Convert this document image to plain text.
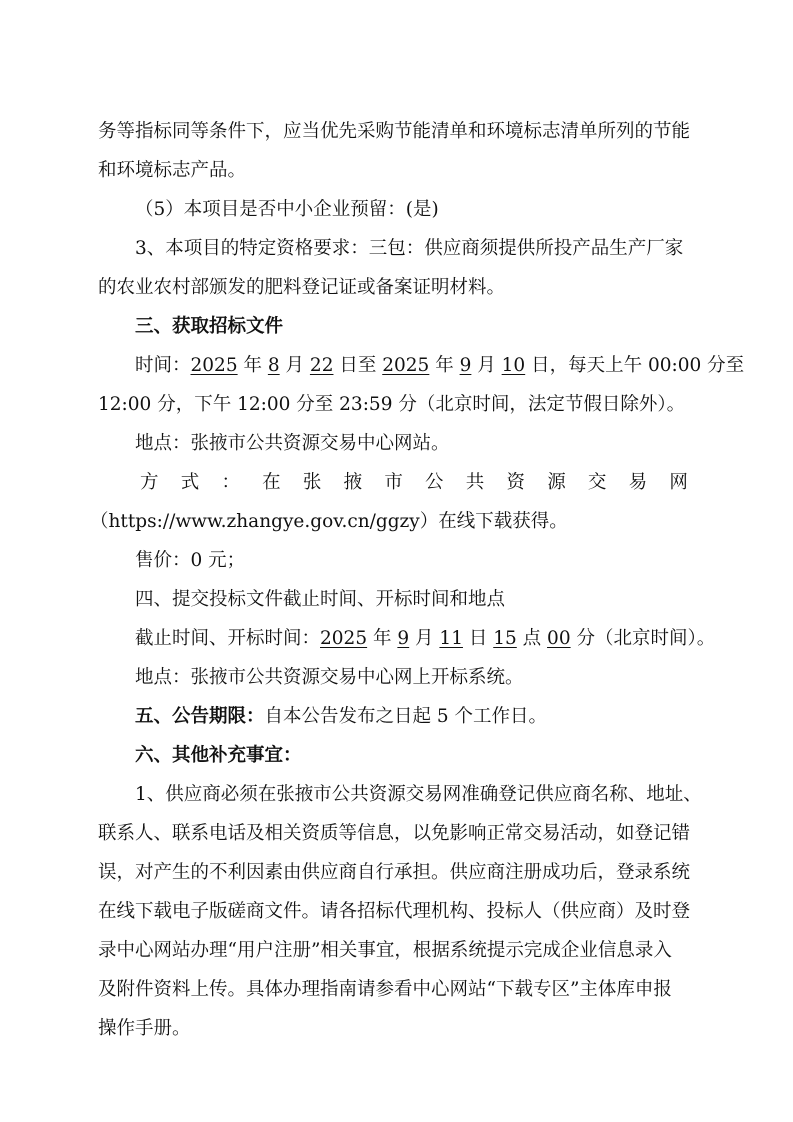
务等指标同等条件下，应当优先采购节能清单和环境标志清单所列的节能
和环境标志产品。
（5）本项目是否中小企业预留：(是)
3、本项目的特定资格要求：三包：供应商须提供所投产品生产厂家
的农业农村部颁发的肥料登记证或备案证明材料。
三、获取招标文件
时间：2025 年 8 月 22 日至 2025 年 9 月 10 日，每天上午 00:00 分至
12:00 分，下午 12:00 分至 23:59 分（北京时间，法定节假日除外）。
地点：张掖市公共资源交易中心网站。
方 式 ： 在 张 掖 市 公 共 资 源 交 易 网
（https://www.zhangye.gov.cn/ggzy）在线下载获得。
售价：0 元；
四、提交投标文件截止时间、开标时间和地点
截止时间、开标时间：2025 年 9 月 11 日 15 点 00 分（北京时间）。
地点：张掖市公共资源交易中心网上开标系统。
五、公告期限：自本公告发布之日起 5 个工作日。
六、其他补充事宜：
1、供应商必须在张掖市公共资源交易网准确登记供应商名称、地址、
联系人、联系电话及相关资质等信息，以免影响正常交易活动，如登记错
误，对产生的不利因素由供应商自行承担。供应商注册成功后，登录系统
在线下载电子版磋商文件。请各招标代理机构、投标人（供应商）及时登
录中心网站办理“用户注册”相关事宜，根据系统提示完成企业信息录入
及附件资料上传。具体办理指南请参看中心网站“下载专区”主体库申报
操作手册。
